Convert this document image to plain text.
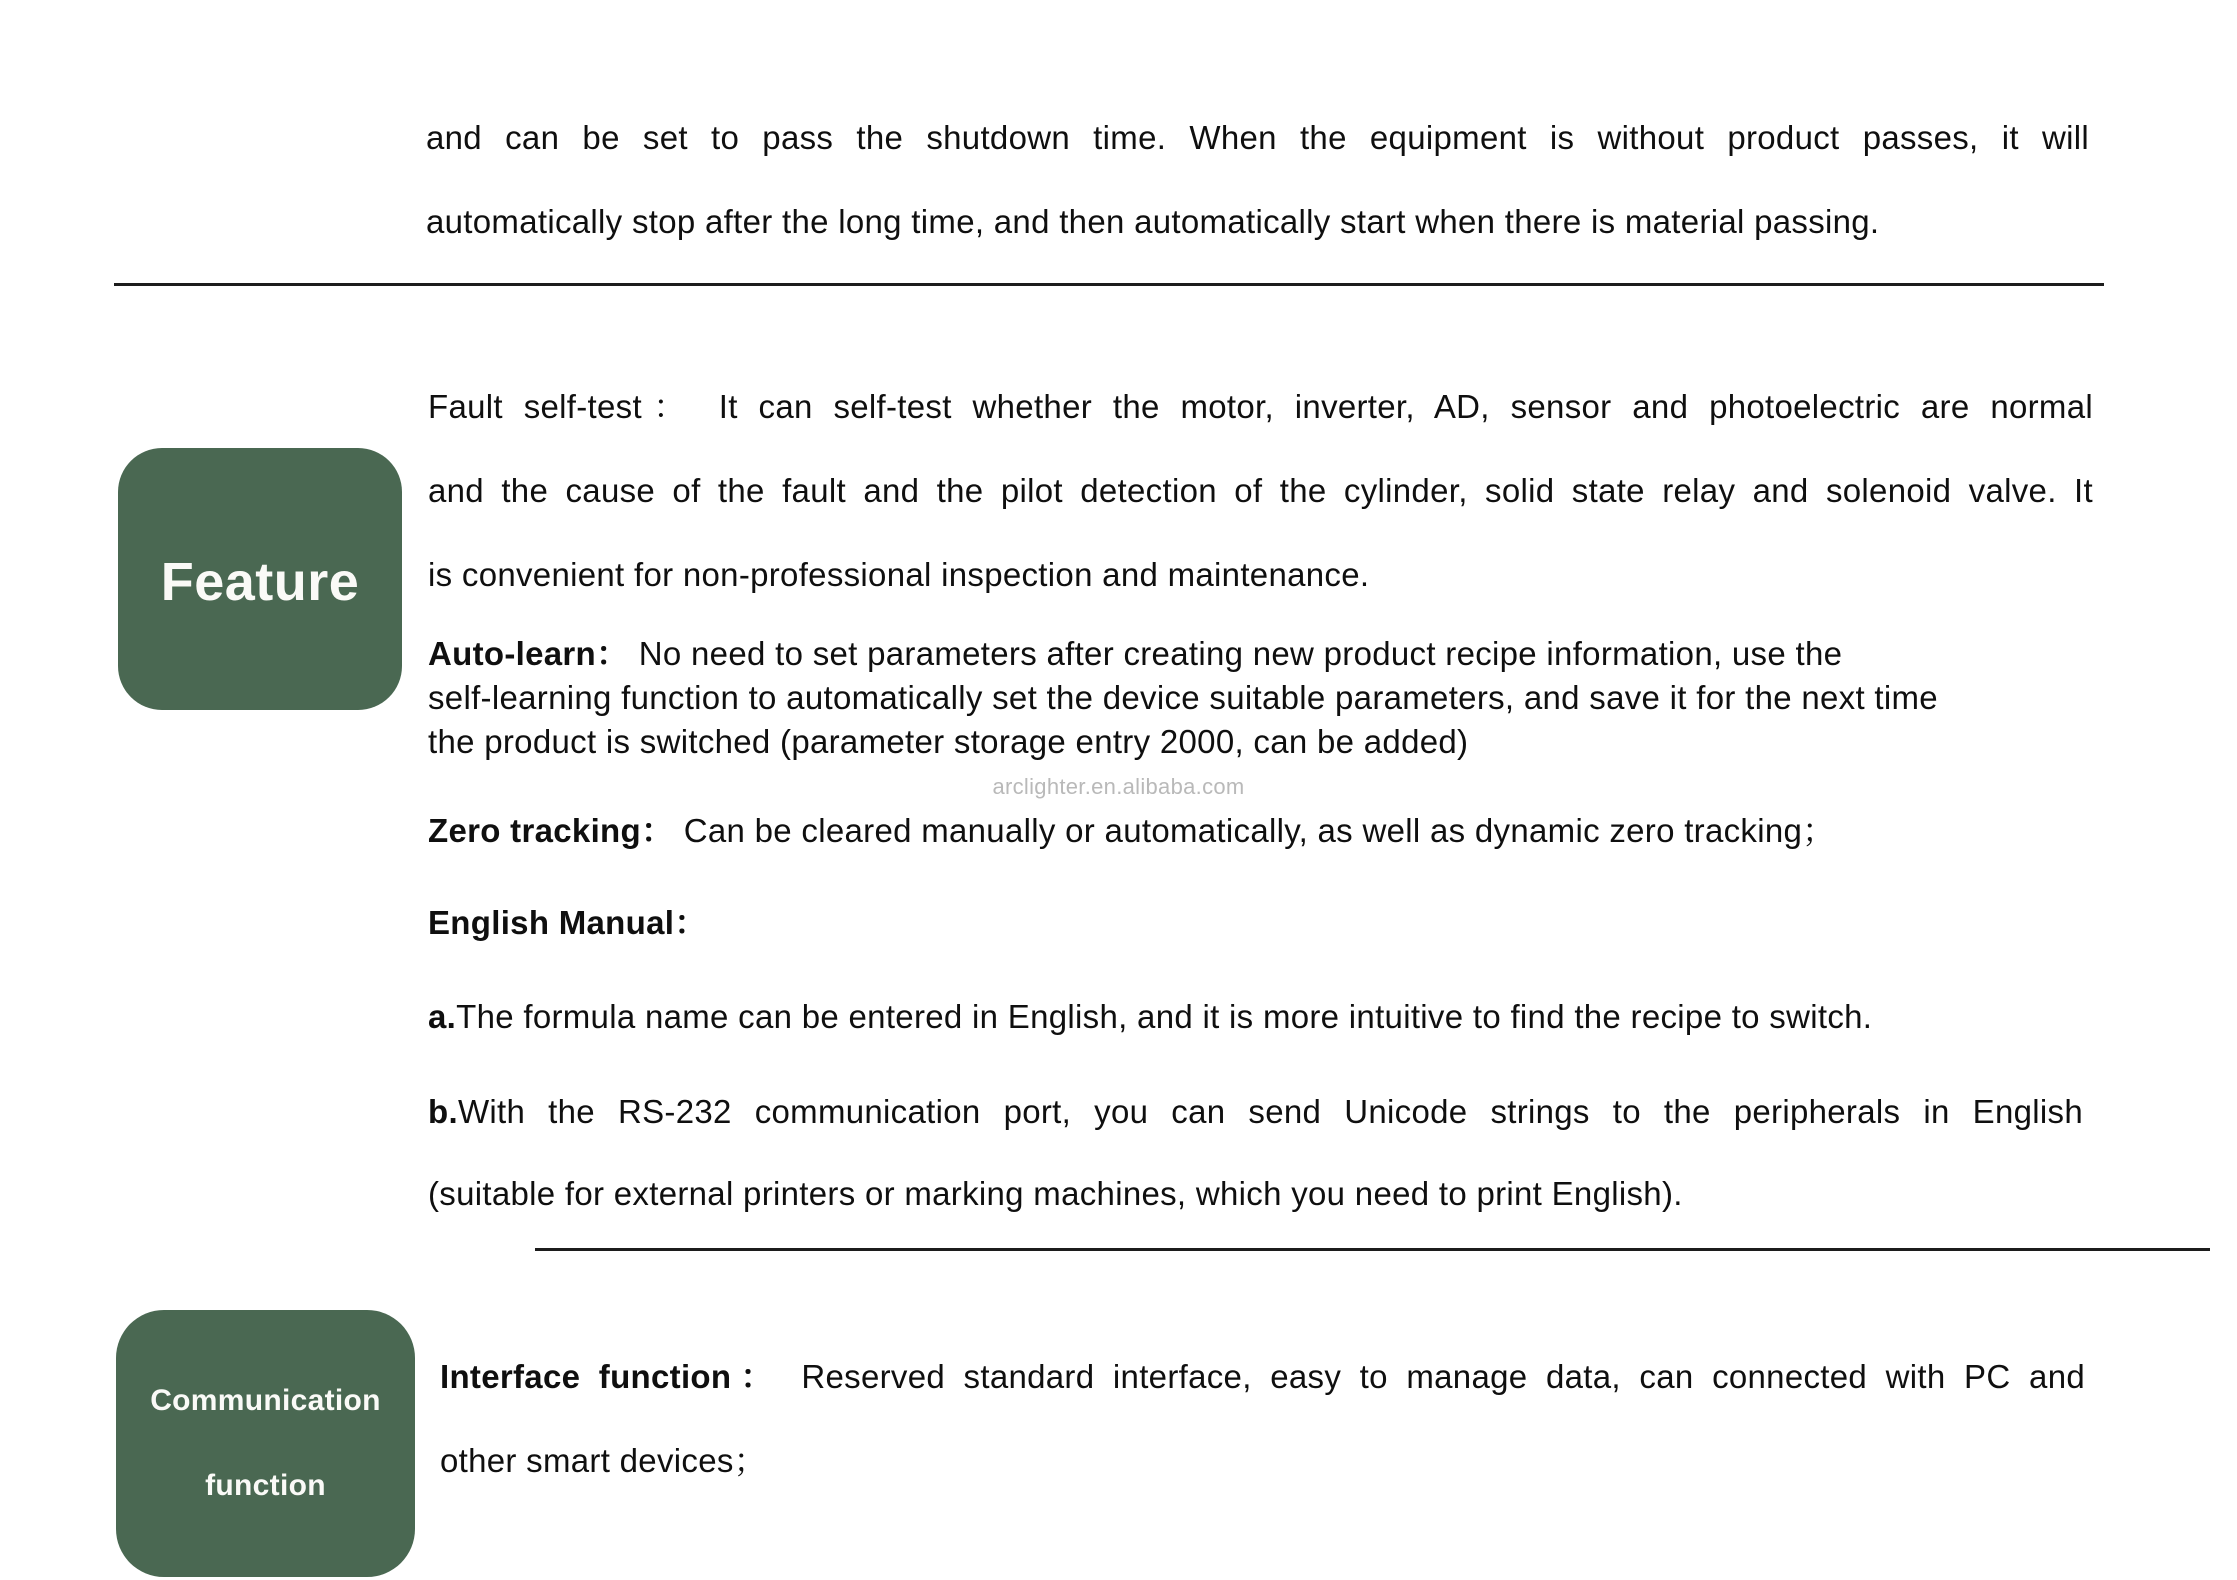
and can be set to pass the shutdown time. When the equipment is without product passes, it will
automatically stop after the long time, and then automatically start when there is material passing.
Feature
Fault self-test： It can self-test whether the motor, inverter, AD, sensor and photoelectric are normal
and the cause of the fault and the pilot detection of the cylinder, solid state relay and solenoid valve. It
is convenient for non-professional inspection and maintenance.
Auto-learn： No need to set parameters after creating new product recipe information, use the
self-learning function to automatically set the device suitable parameters, and save it for the next time
the product is switched (parameter storage entry 2000, can be added)
arclighter.en.alibaba.com
Zero tracking： Can be cleared manually or automatically, as well as dynamic zero tracking；
English Manual：
a.The formula name can be entered in English, and it is more intuitive to find the recipe to switch.
b.With the RS-232 communication port, you can send Unicode strings to the peripherals in English
(suitable for external printers or marking machines, which you need to print English).
Communication
function
Interface function： Reserved standard interface, easy to manage data, can connected with PC and
other smart devices；
